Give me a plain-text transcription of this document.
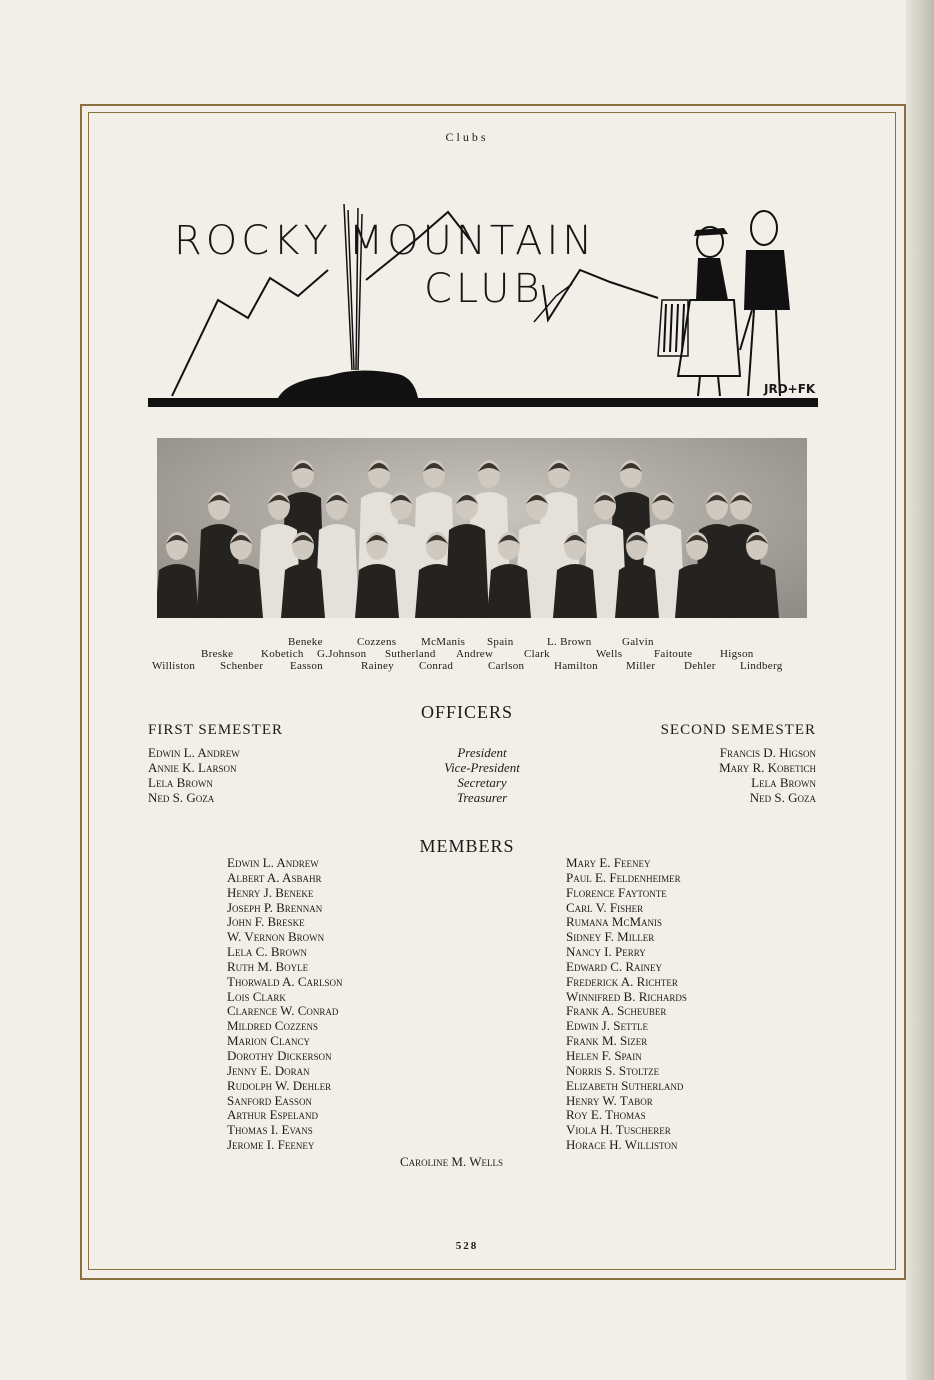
Clubs
ROCKY MOUNTAIN
CLUB
JRD+FK
Beneke	Cozzens McManis Spain	L. Brown	Galvin
Breske	Kobetich G.Johnson Sutherland Andrew	Clark	Wells	Faitoute	Higson
Williston Schenber Easson	Rainey Conrad	Carlson	Hamilton	Miller	Dehler Lindberg
OFFICERS
FIRST SEMESTER	SECOND SEMESTER
Edwin L. Andrew	President	Francis D. Higson
Annie K. Larson	Vice-President	Mary R. Kobetich
Lela Brown	Secretary	Lela Brown
Ned S. Goza	Treasurer	Ned S. Goza
MEMBERS
Edwin L. Andrew
Albert A. Asbahr
Henry J. Beneke
Joseph P. Brennan
John F. Breske
W. Vernon Brown
Lela C. Brown
Ruth M. Boyle
Thorwald A. Carlson
Lois Clark
Clarence W. Conrad
Mildred Cozzens
Marion Clancy
Dorothy Dickerson
Jenny E. Doran
Rudolph W. Dehler
Sanford Easson
Arthur Espeland
Thomas I. Evans
Jerome I. Feeney
Mary E. Feeney
Paul E. Feldenheimer
Florence Faytonte
Carl V. Fisher
Rumana McManis
Sidney F. Miller
Nancy I. Perry
Edward C. Rainey
Frederick A. Richter
Winnifred B. Richards
Frank A. Scheuber
Edwin J. Settle
Frank M. Sizer
Helen F. Spain
Norris S. Stoltze
Elizabeth Sutherland
Henry W. Tabor
Roy E. Thomas
Viola H. Tuscherer
Horace H. Williston
Caroline M. Wells
528
